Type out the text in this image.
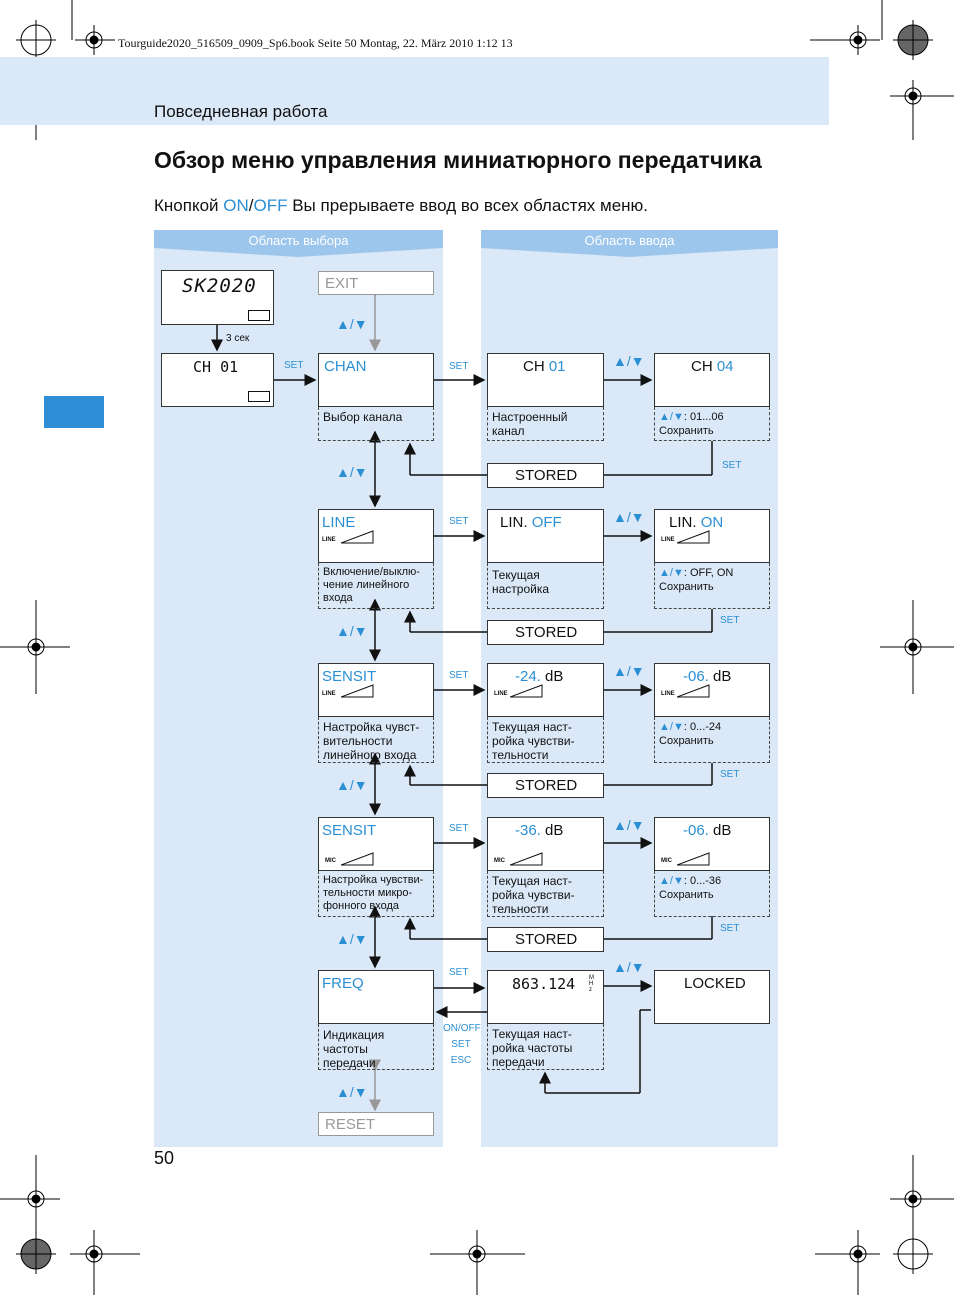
Tourguide2020_516509_0909_Sp6.book Seite 50 Montag, 22. März 2010 1:12 13
Повседневная работа
Обзор меню управления миниатюрного передатчика
Кнопкой ON/OFF Вы прерываете ввод во всех областях меню.
Область выбора	Область ввода
SK2020
3 сек
CH 01	SET
EXIT
▲/▼
▲/▼
▲/▼
▲/▼
▲/▼
▲/▼
▲/▼
▲/▼
▲/▼
▲/▼
▲/▼
CHAN
Выбор канала
SET	CH 01
Настроенный
канал
CH 04
▲/▼: 01...06
Сохранить
SET
STORED
LINE
LINE
Включение/выклю-
чение линейного
входа
SET LIN. OFF
Текущая
настройка
LIN. ON
LINE
▲/▼: OFF, ON
Сохранить
SET
STORED
SENSIT
LINE
Настройка чувст-
вительности
линейного входа
SET	-24. dB
LINE
Текущая наст-
ройка чувстви-
тельности
-06. dB
LINE
▲/▼: 0...-24
Сохранить
SET
STORED
SENSIT
MIC
Настройка чувстви-
тельности микро-
фонного входа
SET	-36. dB
MIC
Текущая наст-
ройка чувстви-
тельности
-06. dB
MIC
▲/▼: 0...-36
Сохранить
SET
STORED
FREQ
Индикация
частоты
передачи
SET
ON/OFF
SET
ESC
863.124 MHz
Текущая наст-
ройка частоты
передачи
LOCKED
RESET
50
